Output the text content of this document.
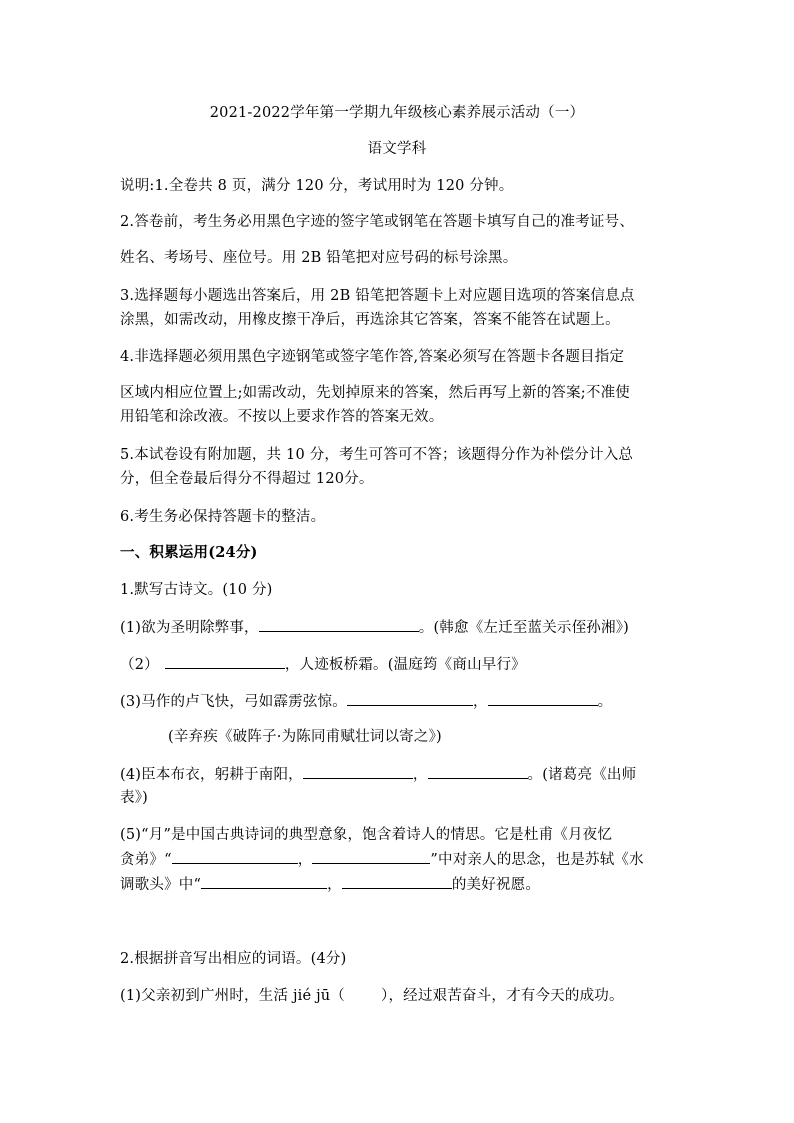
2021-2022学年第一学期九年级核心素养展示活动（一）
语文学科
说明:1.全卷共 8 页，满分 120 分，考试用时为 120 分钟。
2.答卷前，考生务必用黑色字迹的签字笔或钢笔在答题卡填写自己的准考证号、
姓名、考场号、座位号。用 2B 铅笔把对应号码的标号涂黑。
3.选择题每小题选出答案后，用 2B 铅笔把答题卡上对应题目选项的答案信息点
涂黑，如需改动，用橡皮擦干净后，再选涂其它答案，答案不能答在试题上。
4.非选择题必须用黑色字迹钢笔或签字笔作答,答案必须写在答题卡各题目指定
区域内相应位置上;如需改动，先划掉原来的答案，然后再写上新的答案;不准使
用铅笔和涂改液。不按以上要求作答的答案无效。
5.本试卷设有附加题，共 10 分，考生可答可不答；该题得分作为补偿分计入总
分，但全卷最后得分不得超过 120分。
6.考生务必保持答题卡的整洁。
一、积累运用(24分)
1.默写古诗文。(10 分)
(1)欲为圣明除弊事，	。(韩愈《左迁至蓝关示侄孙湘》)
（2）	，人迹板桥霜。(温庭筠《商山早行》
(3)马作的卢飞快，弓如霹雳弦惊。	，	。
(辛弃疾《破阵子·为陈同甫赋壮词以寄之》)
(4)臣本布衣，躬耕于南阳，	，	。(诸葛亮《出师
表》)
(5)“月”是中国古典诗词的典型意象，饱含着诗人的情思。它是杜甫《月夜忆
贪弟》“	，	”中对亲人的思念，也是苏轼《水
调歌头》中“	，	的美好祝愿。
2.根据拼音写出相应的词语。(4分)
(1)父亲初到广州时，生活 jié jū（ ），经过艰苦奋斗，才有今天的成功。
